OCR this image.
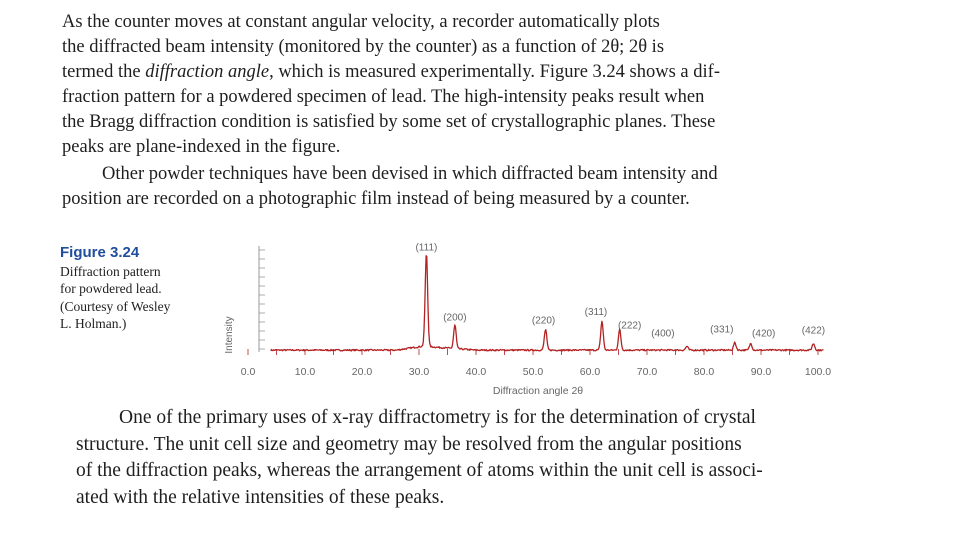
As the counter moves at constant angular velocity, a recorder automatically plots
the diffracted beam intensity (monitored by the counter) as a function of 2θ; 2θ is
termed the diffraction angle, which is measured experimentally. Figure 3.24 shows a dif-
fraction pattern for a powdered specimen of lead. The high-intensity peaks result when
the Bragg diffraction condition is satisfied by some set of crystallographic planes. These
peaks are plane-indexed in the figure.
Other powder techniques have been devised in which diffracted beam intensity and
position are recorded on a photographic film instead of being measured by a counter.
Figure 3.24
Diffraction pattern
for powdered lead.
(Courtesy of Wesley
L. Holman.)	Intensity
(111)
(200)	(220)
(311)
(222)
(400)	(331) (420)	(422)
0.0	10.0	20.0	30.0	40.0	50.0	60.0	70.0	80.0	90.0	100.0
Diffraction angle 2θ
One of the primary uses of x-ray diffractometry is for the determination of crystal
structure. The unit cell size and geometry may be resolved from the angular positions
of the diffraction peaks, whereas the arrangement of atoms within the unit cell is associ-
ated with the relative intensities of these peaks.
